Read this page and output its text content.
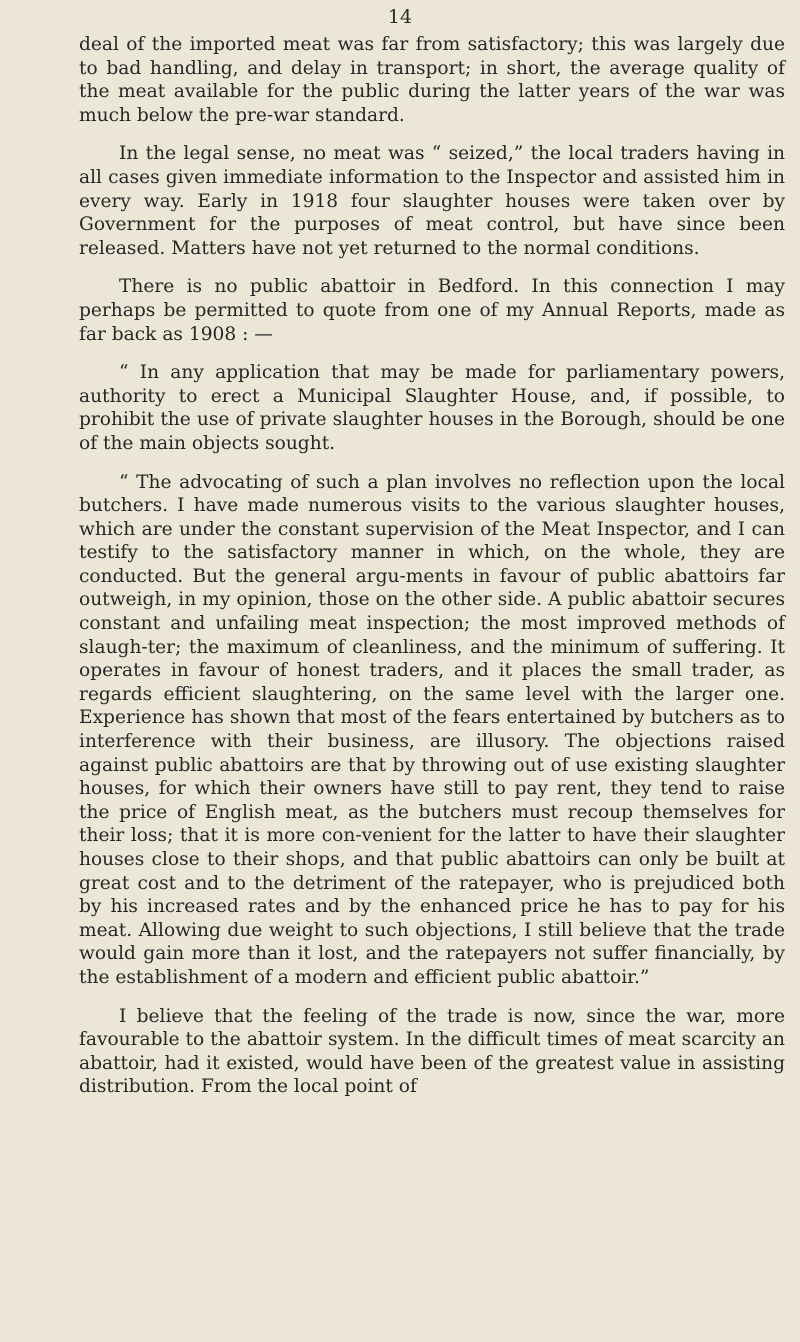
14

deal of the imported meat was far from satisfactory; this was largely due to bad handling, and delay in transport; in short, the average quality of the meat available for the public during the latter years of the war was much below the pre-war standard.

In the legal sense, no meat was “ seized,” the local traders having in all cases given immediate information to the Inspector and assisted him in every way. Early in 1918 four slaughter houses were taken over by Government for the purposes of meat control, but have since been released. Matters have not yet returned to the normal conditions.

There is no public abattoir in Bedford. In this connection I may perhaps be permitted to quote from one of my Annual Reports, made as far back as 1908 : —

“ In any application that may be made for parliamentary powers, authority to erect a Municipal Slaughter House, and, if possible, to prohibit the use of private slaughter houses in the Borough, should be one of the main objects sought.

“ The advocating of such a plan involves no reflection upon the local butchers. I have made numerous visits to the various slaughter houses, which are under the constant supervision of the Meat Inspector, and I can testify to the satisfactory manner in which, on the whole, they are conducted. But the general argu-ments in favour of public abattoirs far outweigh, in my opinion, those on the other side. A public abattoir secures constant and unfailing meat inspection; the most improved methods of slaugh-ter; the maximum of cleanliness, and the minimum of suffering. It operates in favour of honest traders, and it places the small trader, as regards efficient slaughtering, on the same level with the larger one. Experience has shown that most of the fears entertained by butchers as to interference with their business, are illusory. The objections raised against public abattoirs are that by throwing out of use existing slaughter houses, for which their owners have still to pay rent, they tend to raise the price of English meat, as the butchers must recoup themselves for their loss; that it is more con-venient for the latter to have their slaughter houses close to their shops, and that public abattoirs can only be built at great cost and to the detriment of the ratepayer, who is prejudiced both by his increased rates and by the enhanced price he has to pay for his meat. Allowing due weight to such objections, I still believe that the trade would gain more than it lost, and the ratepayers not suffer financially, by the establishment of a modern and efficient public abattoir.”

I believe that the feeling of the trade is now, since the war, more favourable to the abattoir system. In the difficult times of meat scarcity an abattoir, had it existed, would have been of the greatest value in assisting distribution. From the local point of
